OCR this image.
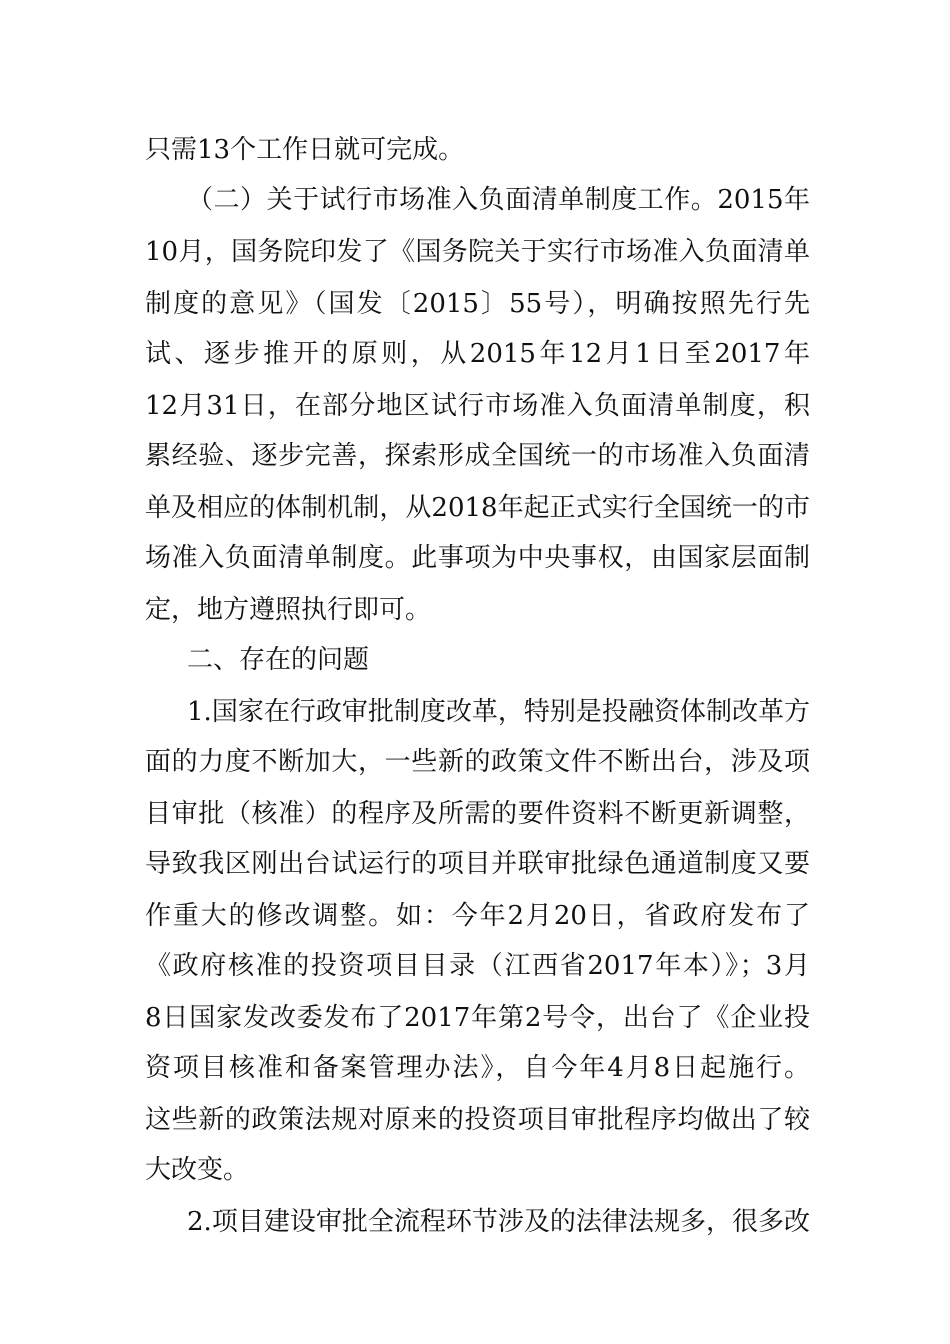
只需13个工作日就可完成。
（二）关于试行市场准入负面清单制度工作。2015年
10月，国务院印发了《国务院关于实行市场准入负面清单
制度的意见》（国发〔2015〕55号），明确按照先行先
试、逐步推开的原则，从2015年12月1日至2017年
12月31日，在部分地区试行市场准入负面清单制度，积
累经验、逐步完善，探索形成全国统一的市场准入负面清
单及相应的体制机制，从2018年起正式实行全国统一的市
场准入负面清单制度。此事项为中央事权，由国家层面制
定，地方遵照执行即可。
二、存在的问题
1.国家在行政审批制度改革，特别是投融资体制改革方
面的力度不断加大，一些新的政策文件不断出台，涉及项
目审批（核准）的程序及所需的要件资料不断更新调整，
导致我区刚出台试运行的项目并联审批绿色通道制度又要
作重大的修改调整。如：今年2月20日，省政府发布了
《政府核准的投资项目目录（江西省2017年本）》；3月
8日国家发改委发布了2017年第2号令，出台了《企业投
资项目核准和备案管理办法》，自今年4月8日起施行。
这些新的政策法规对原来的投资项目审批程序均做出了较
大改变。
2.项目建设审批全流程环节涉及的法律法规多，很多改
